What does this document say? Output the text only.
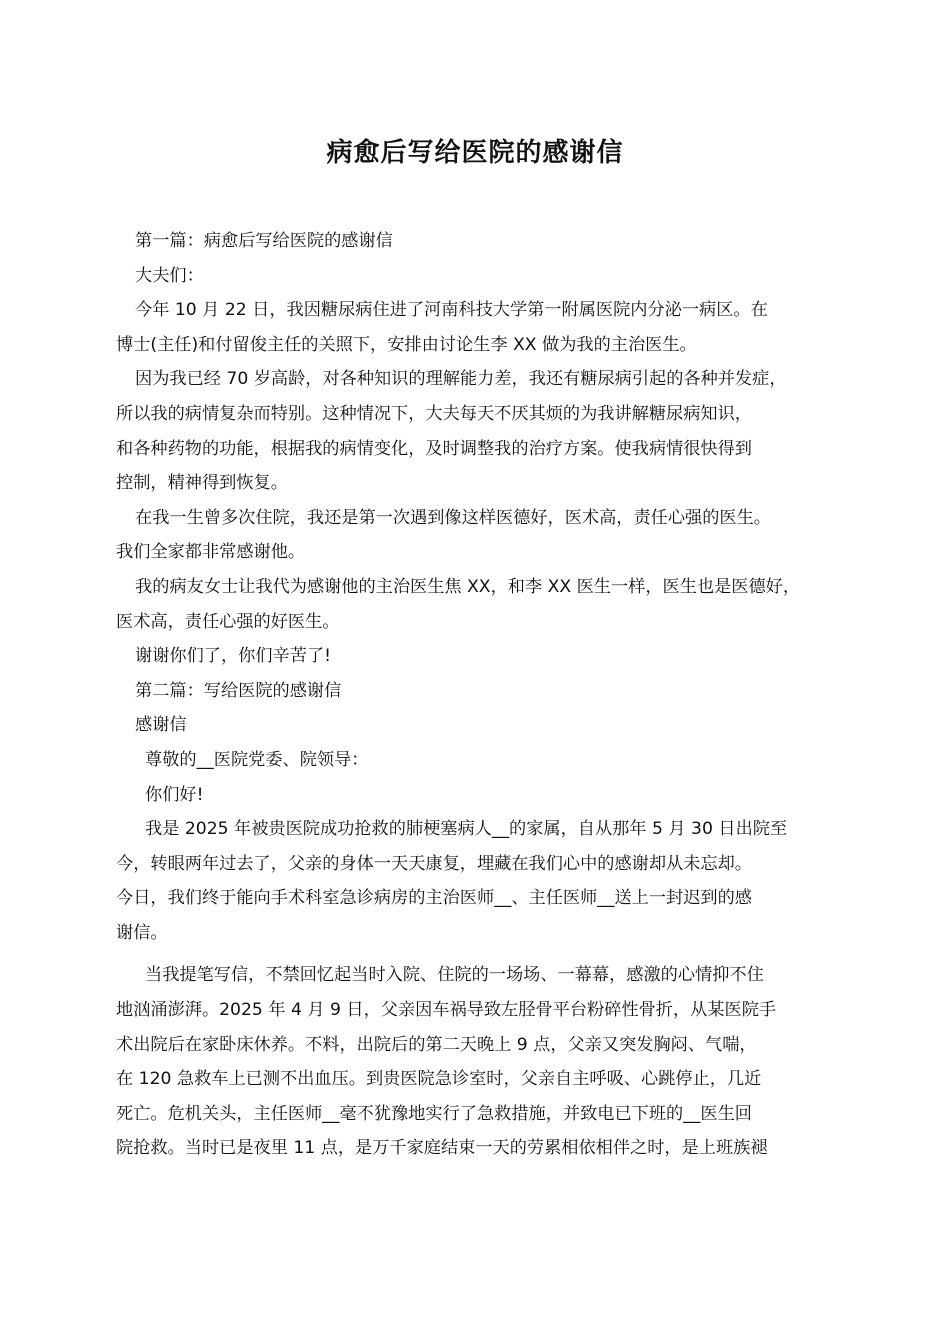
病愈后写给医院的感谢信
第一篇：病愈后写给医院的感谢信
大夫们：
今年 10 月 22 日，我因糖尿病住进了河南科技大学第一附属医院内分泌一病区。在
博士(主任)和付留俊主任的关照下，安排由讨论生李 XX 做为我的主治医生。
因为我已经 70 岁高龄，对各种知识的理解能力差，我还有糖尿病引起的各种并发症，
所以我的病情复杂而特别。这种情况下，大夫每天不厌其烦的为我讲解糖尿病知识，
和各种药物的功能，根据我的病情变化，及时调整我的治疗方案。使我病情很快得到
控制，精神得到恢复。
在我一生曾多次住院，我还是第一次遇到像这样医德好，医术高，责任心强的医生。
我们全家都非常感谢他。
我的病友女士让我代为感谢他的主治医生焦 XX，和李 XX 医生一样，医生也是医德好，
医术高，责任心强的好医生。
谢谢你们了，你们辛苦了!
第二篇：写给医院的感谢信
感谢信
尊敬的__医院党委、院领导：
你们好!
我是 2025 年被贵医院成功抢救的肺梗塞病人__的家属，自从那年 5 月 30 日出院至
今，转眼两年过去了，父亲的身体一天天康复，埋藏在我们心中的感谢却从未忘却。
今日，我们终于能向手术科室急诊病房的主治医师__、主任医师__送上一封迟到的感
谢信。
当我提笔写信，不禁回忆起当时入院、住院的一场场、一幕幕，感激的心情抑不住
地汹涌澎湃。2025 年 4 月 9 日，父亲因车祸导致左胫骨平台粉碎性骨折，从某医院手
术出院后在家卧床休养。不料，出院后的第二天晚上 9 点，父亲又突发胸闷、气喘，
在 120 急救车上已测不出血压。到贵医院急诊室时，父亲自主呼吸、心跳停止，几近
死亡。危机关头，主任医师__毫不犹豫地实行了急救措施，并致电已下班的__医生回
院抢救。当时已是夜里 11 点，是万千家庭结束一天的劳累相依相伴之时，是上班族褪
